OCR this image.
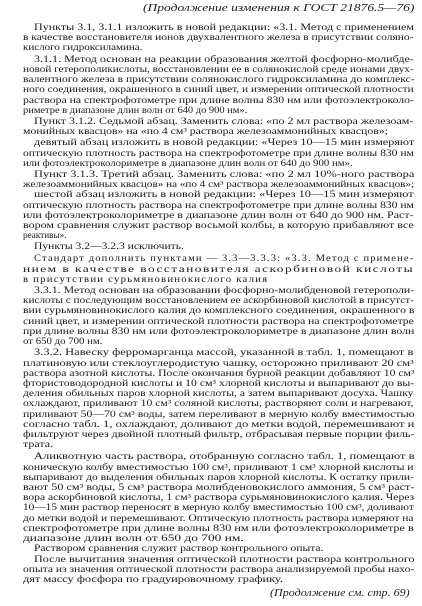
(Продолжение изменения к ГОСТ 21876.5—76)
Пункты 3.1, 3.1.1 изложить в новой редакции: «3.1. Метод с применением
в качестве восстановителя ионов двухвалентного железа в присутствии солянo-
кислого гидроксиламина.
3.1.1. Метод основан на реакции образования желтой фосфорно-молибде-
новой гетерополикислоты, восстановлении ее в солянокислой среде ионами двух-
валентного железа в присутствии солянокислого гидроксиламина до комплекс-
ного соединения, окрашенного в синий цвет, и измерении оптической плотности
раствора на спектрофотометре при длине волны 830 нм или фотоэлектроколо-
риметре в диапазоне длин волн от 640 до 900 нм».
Пункт 3.1.2. Седьмой абзац. Заменить слова: «по 2 мл раствора железоам-
монийных квасцов» на «по 4 см³ раствора железоаммонийных квасцов»;
девятый абзац изложить в новой редакции: «Через 10—15 мин измеряют
оптическую плотность раствора на спектрофотометре при длине волны 830 нм
или фотоэлектроколориметре в диапазоне длин волн от 640 до 900 нм».
Пункт 3.1.3. Третий абзац. Заменить слова: «по 2 мл 10%-ного раствора
железоаммонийных квасцов» на «по 4 см³ раствора железоаммонийных квасцов»;
шестой абзац изложить в новой редакции: «Через 10—15 мин измеряют
оптическую плотность раствора на спектрофотометре при длине волны 830 нм
или фотоэлектроколориметре в диапазоне длин волн от 640 до 900 нм. Раст-
вором сравнения служит раствор восьмой колбы, в которую прибавляют все
реактивы».
Пункты 3.2—3.2.3 исключить.
Стандарт дополнить пунктами — 3.3—3.3.3: «3.3. Метод с примене-
нием в качестве восстановителя аскорбиновой кислоты
в присутствии сурьмяновинокислого калия
3.3.1. Метод основан на образовании фосфорно-молибденовой гетерополи-
кислоты с последующим восстановлением ее аскорбиновой кислотой в присутст-
вии сурьмяновинокислого калия до комплексного соединения, окрашенного в
синий цвет, и измерении оптической плотности раствора на спектрофотометре
при длине волны 830 нм или фотоэлектроколориметре в диапазоне длин волн
от 650 до 700 нм.
3.3.2. Навеску ферромарганца массой, указанной в табл. 1, помещают в
платиновую или стеклоуглеродистую чашку, осторожно приливают 20 см³
раствора азотной кислоты. После окончания бурной реакции добавляют 10 см³
фтористоводородной кислоты и 10 см³ хлорной кислоты и выпаривают до вы-
деления обильных паров хлорной кислоты, а затем выпаривают досуха. Чашку
охлаждают, приливают 10 см³ соляной кислоты, растворяют соли и нагревают,
приливают 50—70 см³ воды, затем переливают в мерную колбу вместимостью
согласно табл. 1, охлаждают, доливают до метки водой, перемешивают и
фильтруют через двойной плотный фильтр, отбрасывая первые порции филь-
трата.
Аликвотную часть раствора, отобранную согласно табл. 1, помещают в
коническую колбу вместимостью 100 см³, приливают 1 см³ хлорной кислоты и
выпаривают до выделения обильных паров хлорной кислоты. К остатку прили-
вают 50 см³ воды, 5 см³ раствора молибденовокислого аммония, 5 см³ раст-
вора аскорбиновой кислоты, 1 см³ раствора сурьмяновинокислого калия. Через
10—15 мин раствор переносят в мерную колбу вместимостью 100 см³, доливают
до метки водой и перемешивают. Оптическую плотность раствора измеряют на
спектрофотометре при длине волны 830 нм или фотоэлектроколориметре в
диапазоне длин волн от 650 до 700 нм.
Раствором сравнения служит раствор контрольного опыта.
После вычитания значения оптической плотности раствора контрольного
опыта из значения оптической плотности раствора анализируемой пробы нахо-
дят массу фосфора по градуировочному графику.
(Продолжение см. стр. 69)
